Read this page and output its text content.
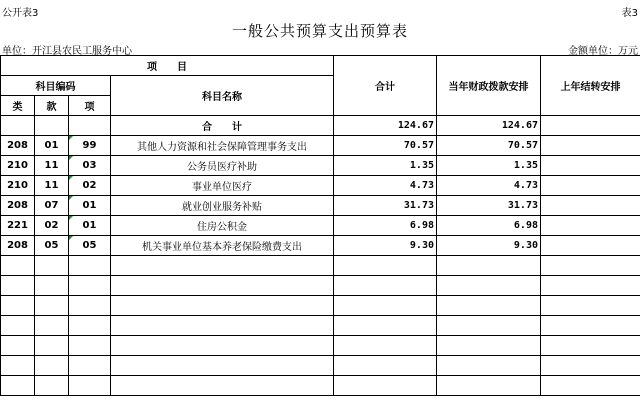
公开表3	表3
一般公共预算支出预算表
单位：开江县农民工服务中心	金额单位：万元
项　　目				合计	当年财政拨款安排	上年结转安排
科目编码			科目名称			
类	款	项				
			合　　计	124.67	124.67	
208	01	99	其他人力资源和社会保障管理事务支出	70.57	70.57	
210	11	03	公务员医疗补助	1.35	1.35	
210	11	02	事业单位医疗	4.73	4.73	
208	07	01	就业创业服务补贴	31.73	31.73	
221	02	01	住房公积金	6.98	6.98	
208	05	05	机关事业单位基本养老保险缴费支出	9.30	9.30	
